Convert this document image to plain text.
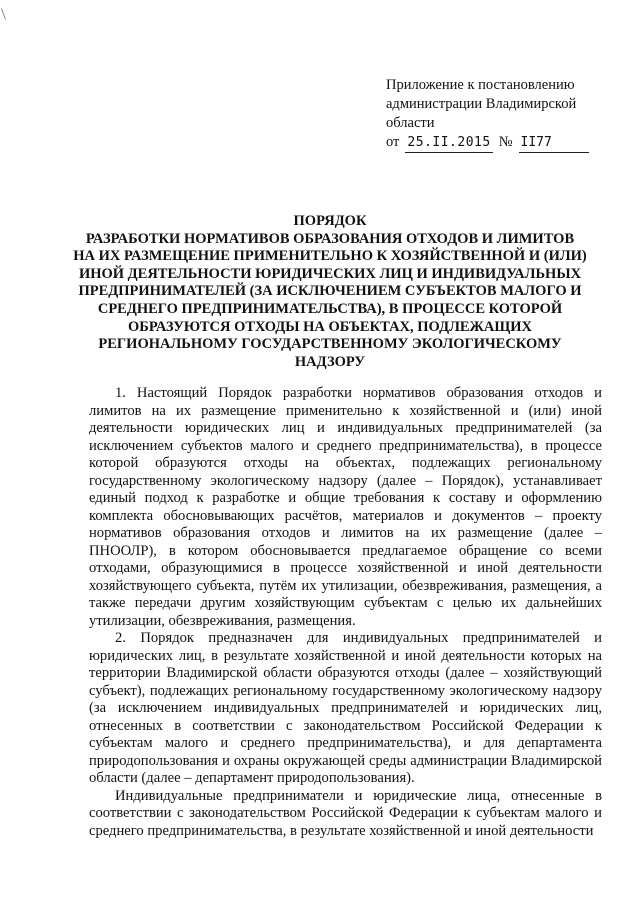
Приложение к постановлению
администрации Владимирской
области
от 25.II.2015 № II77
ПОРЯДОК
РАЗРАБОТКИ НОРМАТИВОВ ОБРАЗОВАНИЯ ОТХОДОВ И ЛИМИТОВ
НА ИХ РАЗМЕЩЕНИЕ ПРИМЕНИТЕЛЬНО К ХОЗЯЙСТВЕННОЙ И (ИЛИ)
ИНОЙ ДЕЯТЕЛЬНОСТИ ЮРИДИЧЕСКИХ ЛИЦ И ИНДИВИДУАЛЬНЫХ
ПРЕДПРИНИМАТЕЛЕЙ (ЗА ИСКЛЮЧЕНИЕМ СУБЪЕКТОВ МАЛОГО И
СРЕДНЕГО ПРЕДПРИНИМАТЕЛЬСТВА), В ПРОЦЕССЕ КОТОРОЙ
ОБРАЗУЮТСЯ ОТХОДЫ НА ОБЪЕКТАХ, ПОДЛЕЖАЩИХ
РЕГИОНАЛЬНОМУ ГОСУДАРСТВЕННОМУ ЭКОЛОГИЧЕСКОМУ
НАДЗОРУ

1. Настоящий Порядок разработки нормативов образования отходов и лимитов на их размещение применительно к хозяйственной и (или) иной деятельности юридических лиц и индивидуальных предпринимателей (за исключением субъектов малого и среднего предпринимательства), в процессе которой образуются отходы на объектах, подлежащих региональному государственному экологическому надзору (далее – Порядок), устанавливает единый подход к разработке и общие требования к составу и оформлению комплекта обосновывающих расчётов, материалов и документов – проекту нормативов образования отходов и лимитов на их размещение (далее – ПНООЛР), в котором обосновывается предлагаемое обращение со всеми отходами, образующимися в процессе хозяйственной и иной деятельности хозяйствующего субъекта, путём их утилизации, обезвреживания, размещения, а также передачи другим хозяйствующим субъектам с целью их дальнейших утилизации, обезвреживания, размещения.

2. Порядок предназначен для индивидуальных предпринимателей и юридических лиц, в результате хозяйственной и иной деятельности которых на территории Владимирской области образуются отходы (далее – хозяйствующий субъект), подлежащих региональному государственному экологическому надзору (за исключением индивидуальных предпринимателей и юридических лиц, отнесенных в соответствии с законодательством Российской Федерации к субъектам малого и среднего предпринимательства), и для департамента природопользования и охраны окружающей среды администрации Владимирской области (далее – департамент природопользования).

Индивидуальные предприниматели и юридические лица, отнесенные в соответствии с законодательством Российской Федерации к субъектам малого и среднего предпринимательства, в результате хозяйственной и иной деятельности
